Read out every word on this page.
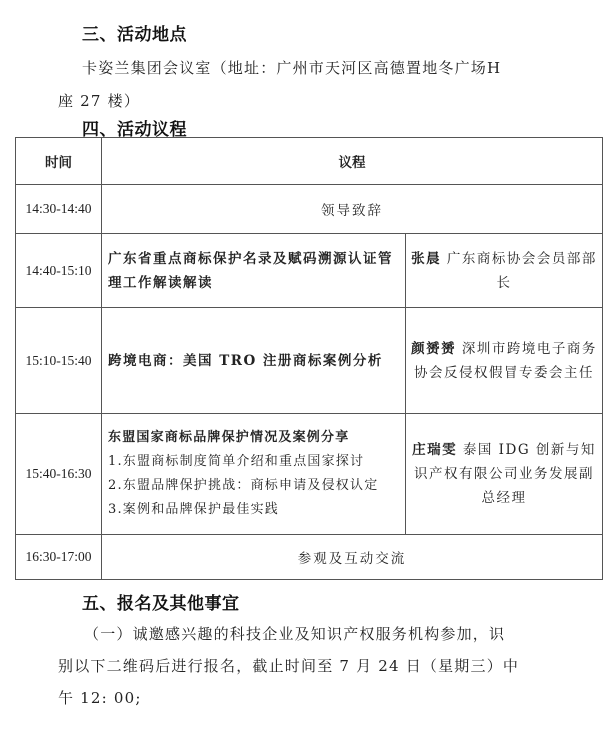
三、活动地点
卡姿兰集团会议室（地址：广州市天河区高德置地冬广场H
座 27 楼）
四、活动议程
时间	议程	
14:30-14:40	领导致辞	
14:40-15:10	广东省重点商标保护名录及赋码溯源认证管理工作解读解读	张晨 广东商标协会会员部部长
15:10-15:40	跨境电商：美国 TRO 注册商标案例分析	颜赟赟 深圳市跨境电子商务协会反侵权假冒专委会主任
15:40-16:30	东盟国家商标品牌保护情况及案例分享
1.东盟商标制度简单介绍和重点国家探讨
2.东盟品牌保护挑战：商标申请及侵权认定
3.案例和品牌保护最佳实践	庄瑞雯 泰国 IDG 创新与知识产权有限公司业务发展副总经理
16:30-17:00	参观及互动交流	
五、报名及其他事宜
（一）诚邀感兴趣的科技企业及知识产权服务机构参加，识
别以下二维码后进行报名，截止时间至 7 月 24 日（星期三）中
午 12: 00;
